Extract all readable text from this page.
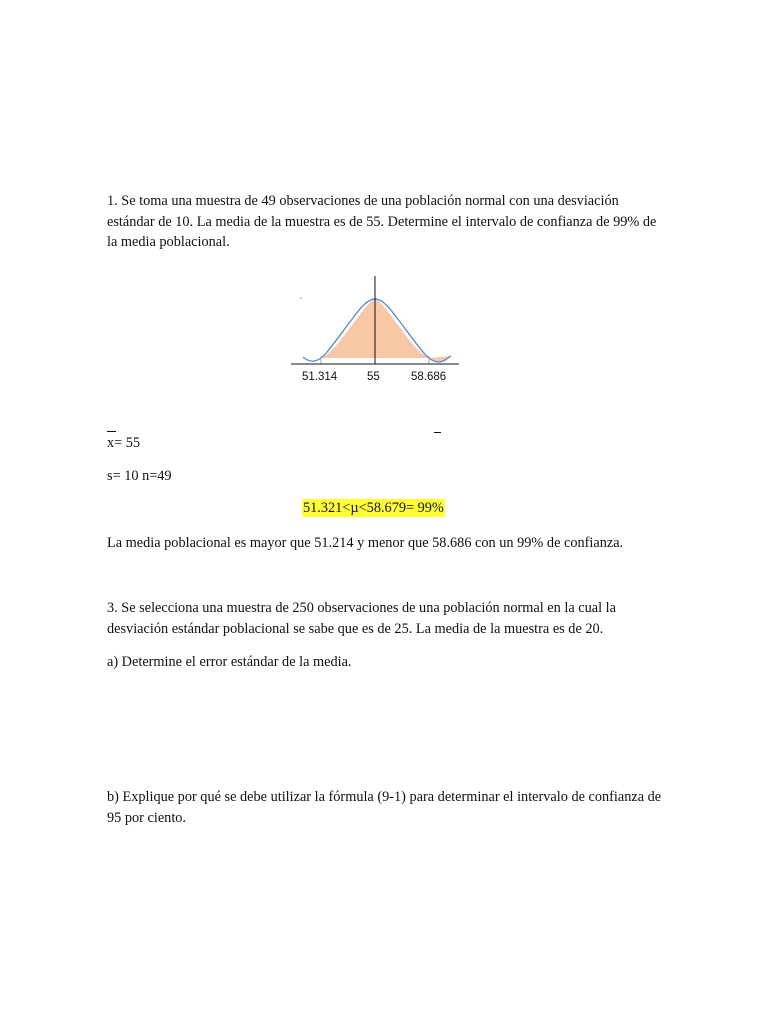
1. Se toma una muestra de 49 observaciones de una población normal con una desviación estándar de 10. La media de la muestra es de 55. Determine el intervalo de confianza de 99% de la media poblacional.

51.314	55	58.686
x= 55
s= 10 n=49
51.321<µ<58.679= 99%
La media poblacional es mayor que 51.214 y menor que 58.686 con un 99% de confianza.

3. Se selecciona una muestra de 250 observaciones de una población normal en la cual la desviación estándar poblacional se sabe que es de 25. La media de la muestra es de 20.

a) Determine el error estándar de la media.

b) Explique por qué se debe utilizar la fórmula (9-1) para determinar el intervalo de confianza de 95 por ciento.
